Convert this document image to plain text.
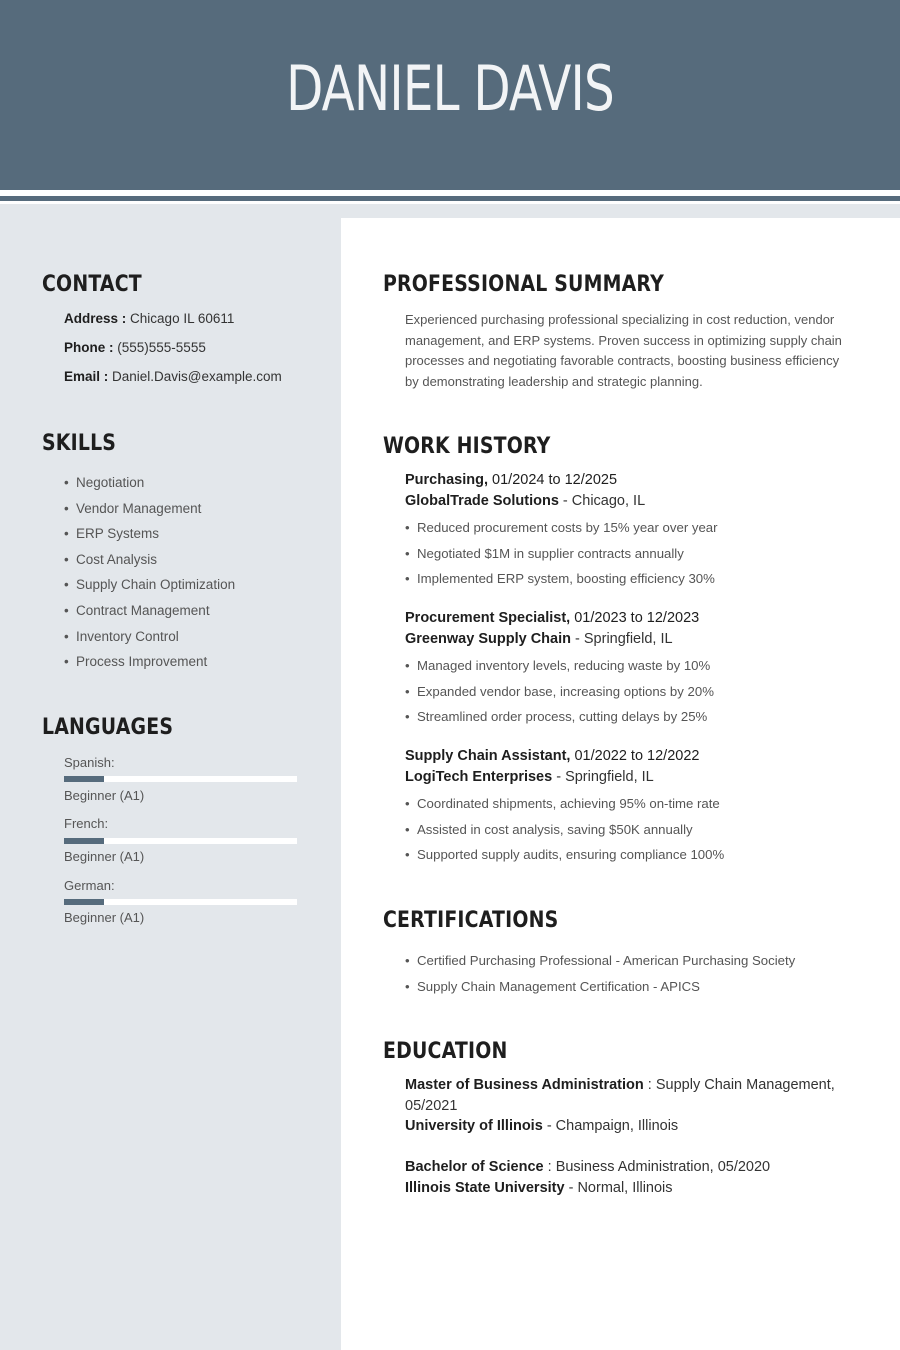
DANIEL DAVIS
CONTACT
Address : Chicago IL 60611
Phone : (555)555-5555
Email : Daniel.Davis@example.com
SKILLS
• Negotiation
• Vendor Management
• ERP Systems
• Cost Analysis
• Supply Chain Optimization
• Contract Management
• Inventory Control
• Process Improvement
LANGUAGES
Spanish:
Beginner (A1)
French:
Beginner (A1)
German:
Beginner (A1)
PROFESSIONAL SUMMARY

Experienced purchasing professional specializing in cost reduction, vendor management, and ERP systems. Proven success in optimizing supply chain processes and negotiating favorable contracts, boosting business efficiency by demonstrating leadership and strategic planning.

WORK HISTORY
Purchasing, 01/2024 to 12/2025
GlobalTrade Solutions - Chicago, IL
• Reduced procurement costs by 15% year over year
• Negotiated $1M in supplier contracts annually
• Implemented ERP system, boosting efficiency 30%
Procurement Specialist, 01/2023 to 12/2023
Greenway Supply Chain - Springfield, IL
• Managed inventory levels, reducing waste by 10%
• Expanded vendor base, increasing options by 20%
• Streamlined order process, cutting delays by 25%
Supply Chain Assistant, 01/2022 to 12/2022
LogiTech Enterprises - Springfield, IL
• Coordinated shipments, achieving 95% on-time rate
• Assisted in cost analysis, saving $50K annually
• Supported supply audits, ensuring compliance 100%
CERTIFICATIONS
• Certified Purchasing Professional - American Purchasing Society
• Supply Chain Management Certification - APICS
EDUCATION
Master of Business Administration : Supply Chain Management,
05/2021
University of Illinois - Champaign, Illinois
Bachelor of Science : Business Administration, 05/2020
Illinois State University - Normal, Illinois
